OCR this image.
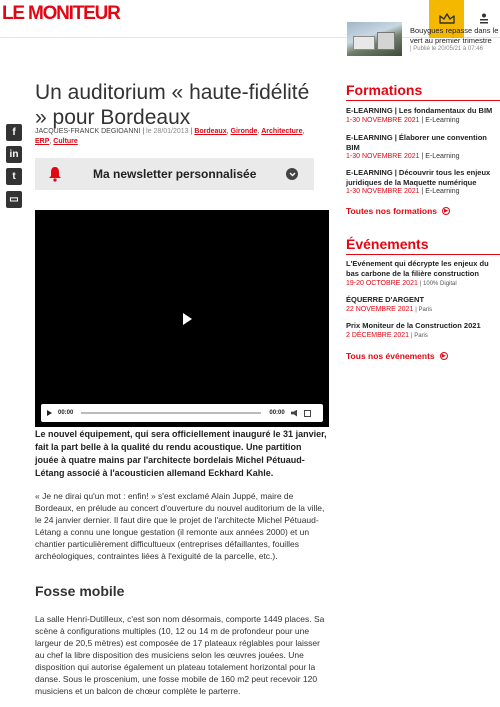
LE MONITEUR
f
in
t
▭
Un auditorium « haute-fidélité » pour Bordeaux
JACQUES-FRANCK DEGIOANNI | le 28/01/2013 | Bordeaux, Gironde, Architecture, ERP, Culture
Ma newsletter personnalisée
00:00	00:00

Le nouvel équipement, qui sera officiellement inauguré le 31 janvier, fait la part belle à la qualité du rendu acoustique. Une partition jouée à quatre mains par l'architecte bordelais Michel Pétuaud-Létang associé à l'acousticien allemand Eckhard Kahle.

« Je ne dirai qu'un mot : enfin! » s'est exclamé Alain Juppé, maire de Bordeaux, en prélude au concert d'ouverture du nouvel auditorium de la ville, le 24 janvier dernier. Il faut dire que le projet de l'architecte Michel Pétuaud-Létang a connu une longue gestation (il remonte aux années 2000) et un chantier particulièrement difficultueux (entreprises défaillantes, fouilles archéologiques, contraintes liées à l'exiguité de la parcelle, etc.).

Fosse mobile

La salle Henri-Dutilleux, c'est son nom désormais, comporte 1449 places. Sa scène à configurations multiples (10, 12 ou 14 m de profondeur pour une largeur de 20,5 mètres) est composée de 17 plateaux réglables pour laisser au chef la libre disposition des musiciens selon les œuvres jouées. Une disposition qui autorise également un plateau totalement horizontal pour la danse. Sous le proscenium, une fosse mobile de 160 m2 peut recevoir 120 musiciens et un balcon de chœur complète le parterre.

Bouygues repasse dans le vert au premier trimestre
| Publié le 20/05/21 à 07:46
Formations
E-LEARNING | Les fondamentaux du BIM
1-30 NOVEMBRE 2021 | E-Learning
E-LEARNING | Élaborer une convention BIM
1-30 NOVEMBRE 2021 | E-Learning
E-LEARNING | Découvrir tous les enjeux juridiques de la Maquette numérique
1-30 NOVEMBRE 2021 | E-Learning
Toutes nos formations	▶
Événements
L'Evénement qui décrypte les enjeux du bas carbone de la filière construction
19-20 OCTOBRE 2021 | 100% Digital
ÉQUERRE D'ARGENT
22 NOVEMBRE 2021 | Paris
Prix Moniteur de la Construction 2021
2 DÉCEMBRE 2021 | Paris
Tous nos événements	▶
